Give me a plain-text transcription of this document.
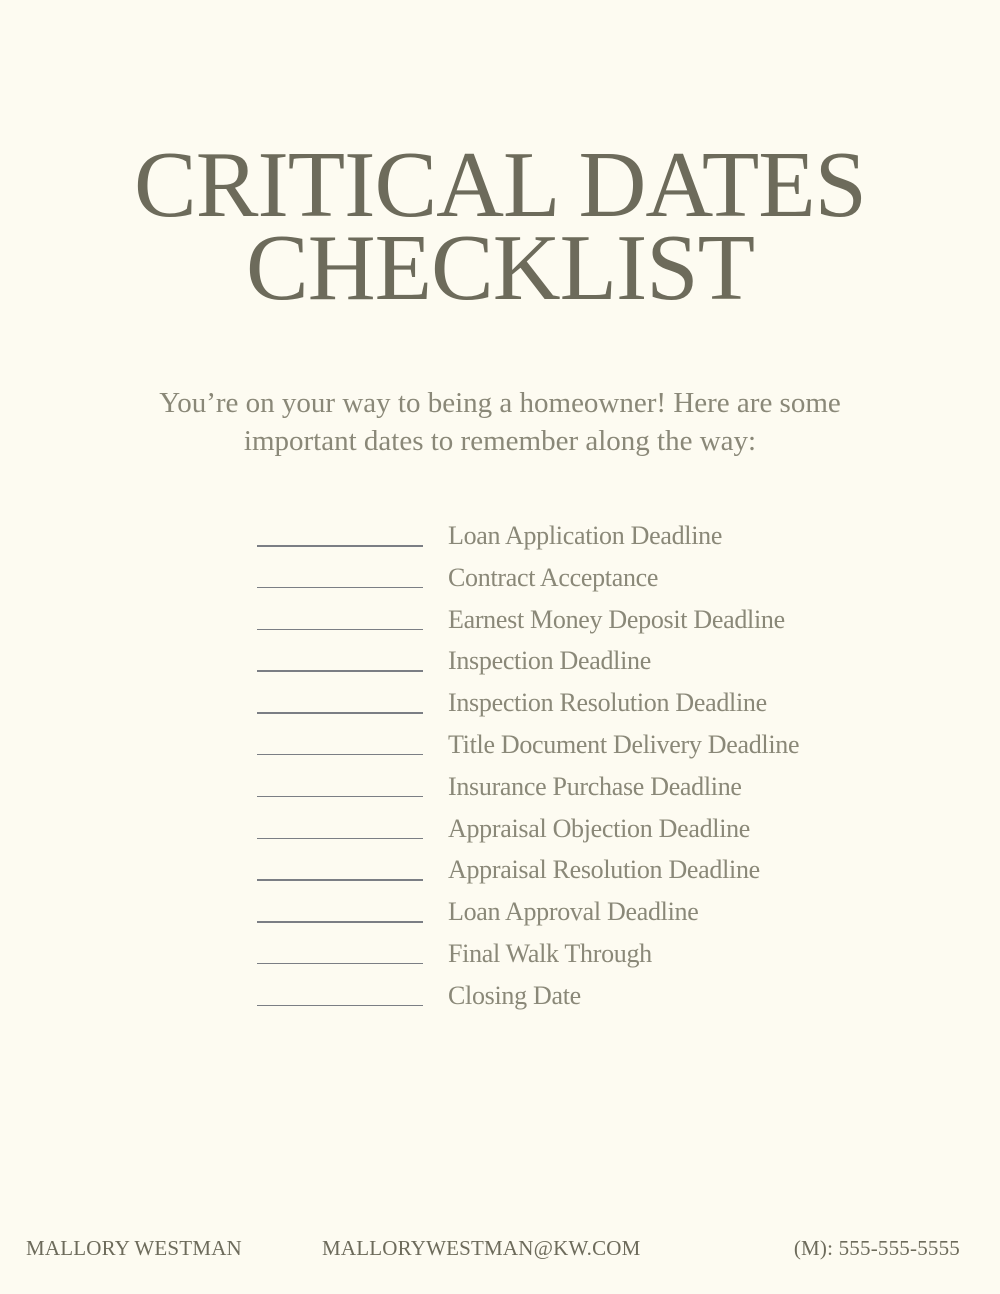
CRITICAL DATES
CHECKLIST
You’re on your way to being a homeowner! Here are some
important dates to remember along the way:
Loan Application Deadline
Contract Acceptance
Earnest Money Deposit Deadline
Inspection Deadline
Inspection Resolution Deadline
Title Document Delivery Deadline
Insurance Purchase Deadline
Appraisal Objection Deadline
Appraisal Resolution Deadline
Loan Approval Deadline
Final Walk Through
Closing Date
MALLORY WESTMAN	MALLORYWESTMAN@KW.COM	(M): 555-555-5555
